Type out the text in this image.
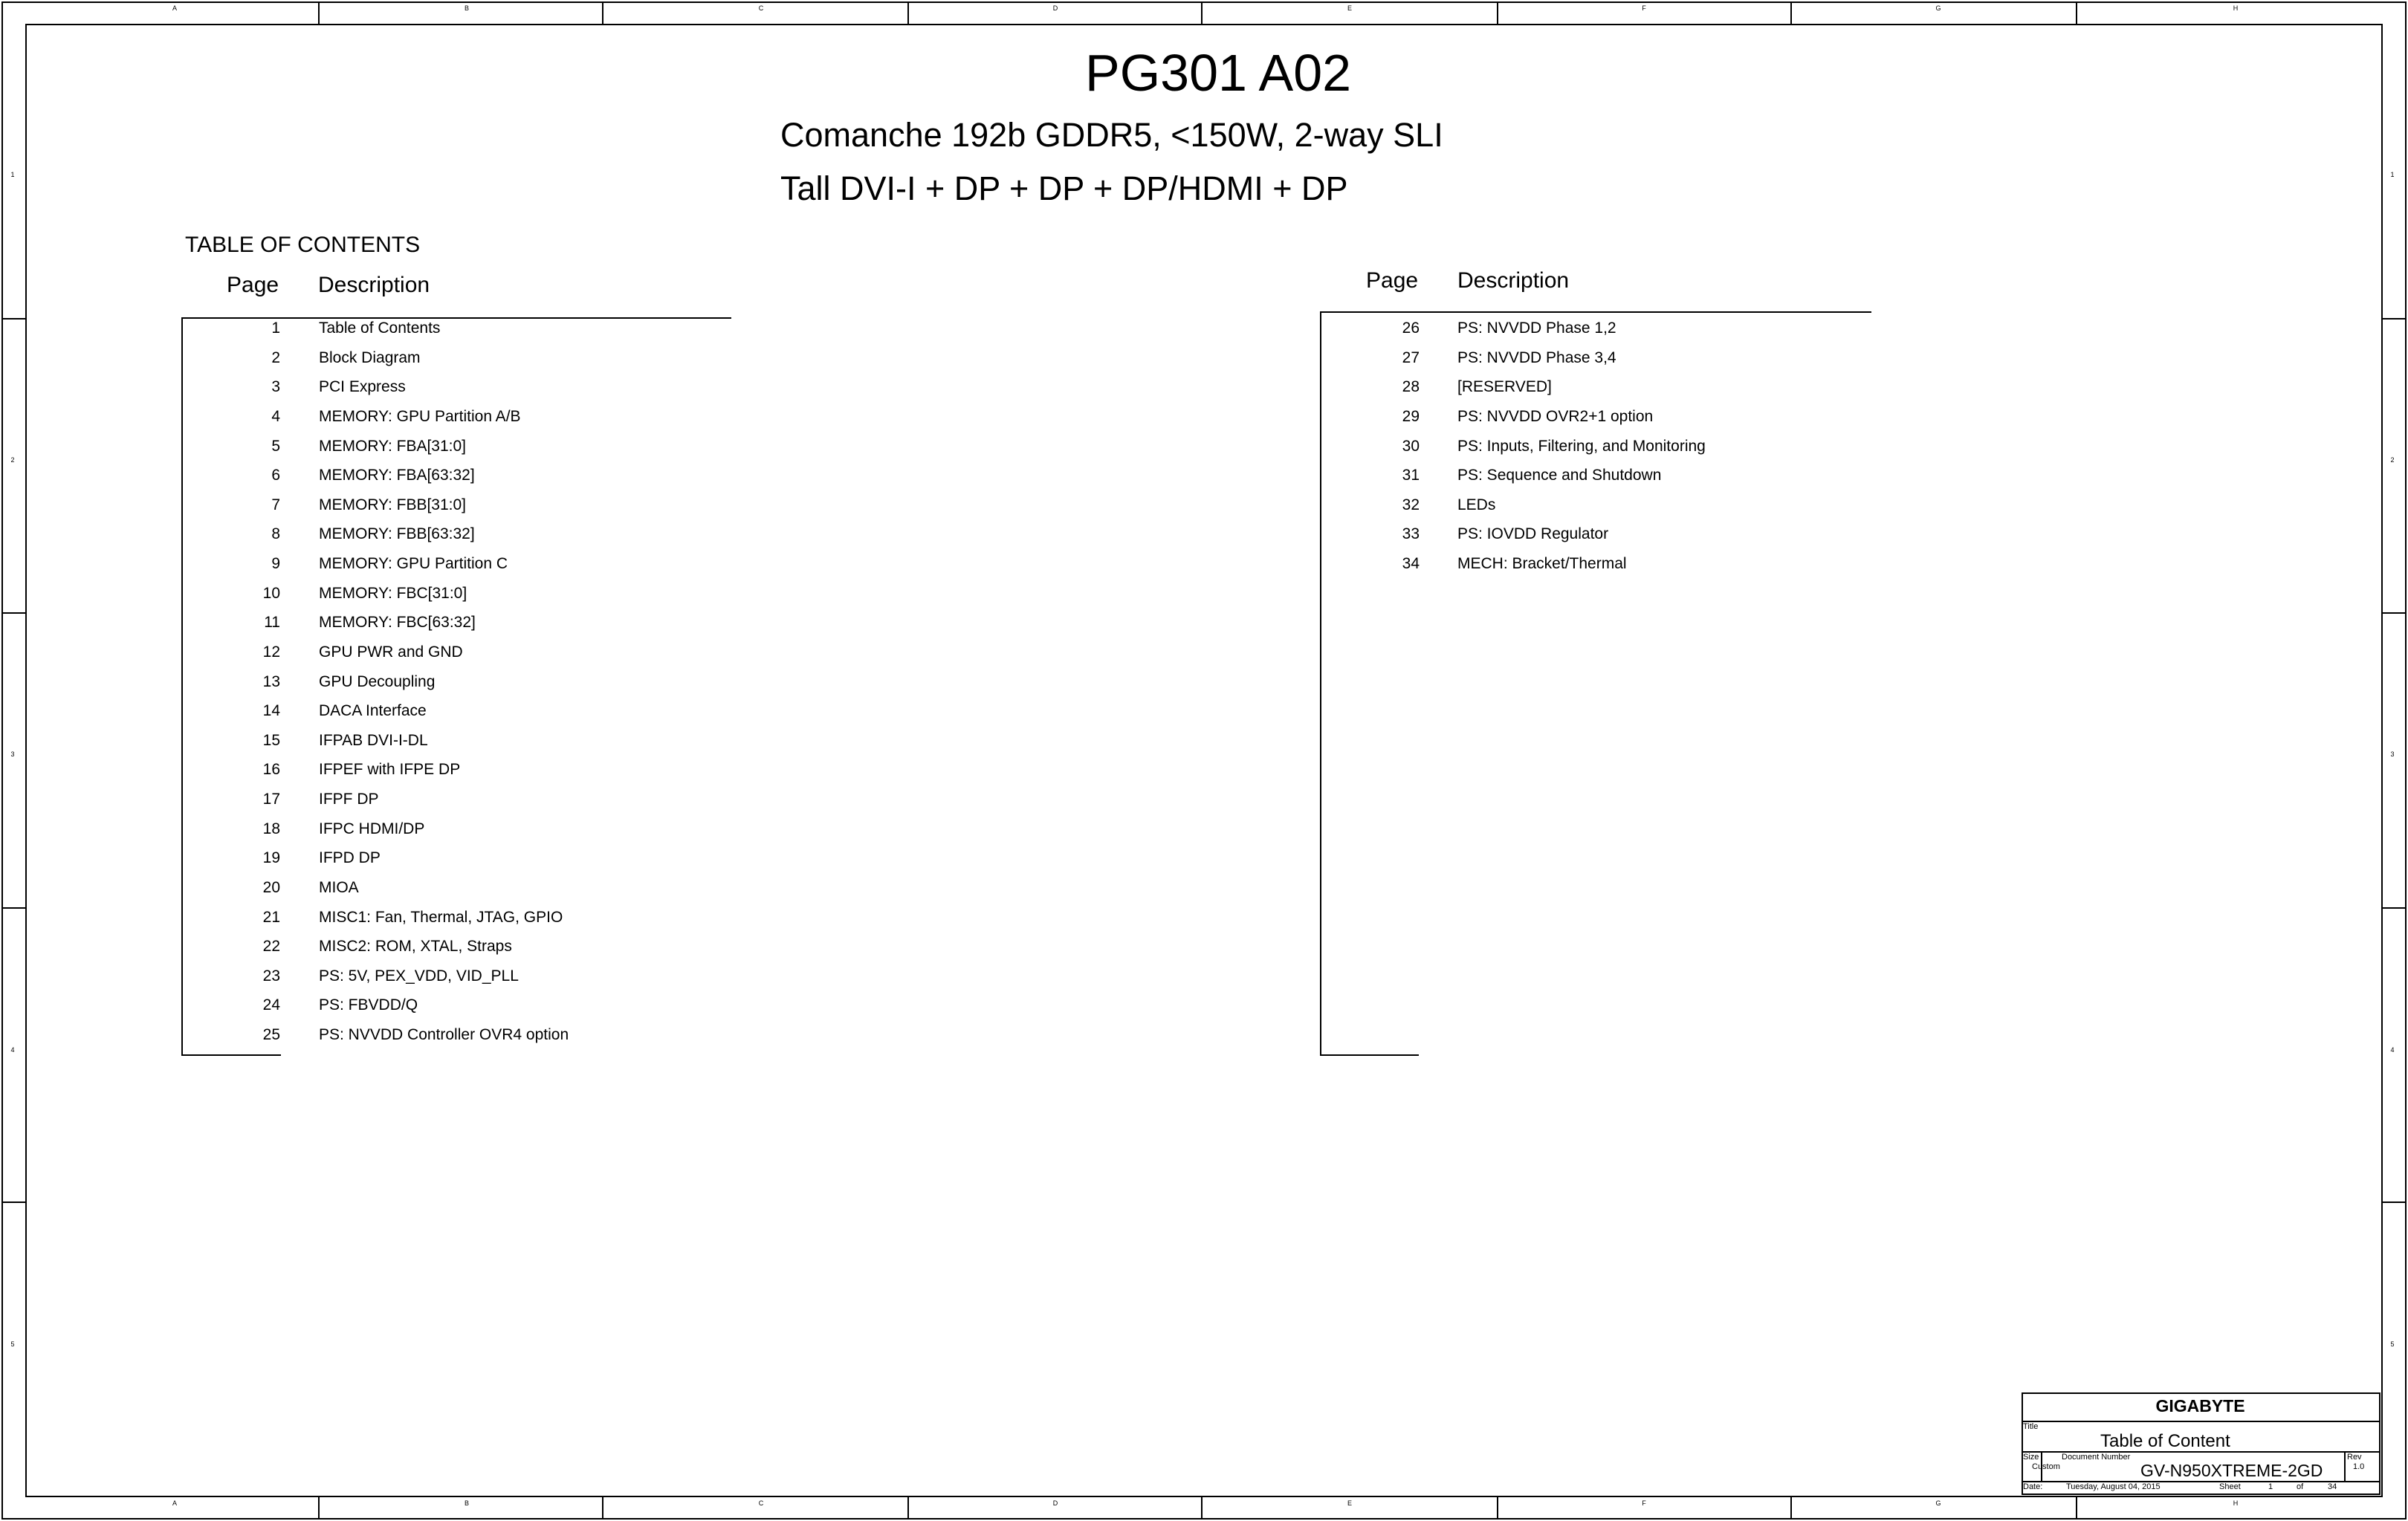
A	B	C	D	E	F	G	H
A	B	C	D	E	F	G	H
1
2
3
4
5
1
2
3
4
5
PG301 A02
Comanche 192b GDDR5, <150W, 2-way SLI
Tall DVI-I + DP + DP + DP/HDMI + DP
TABLE OF CONTENTS
Page Description	Page Description
1 Table of Contents
2 Block Diagram
3 PCI Express
4 MEMORY: GPU Partition A/B
5 MEMORY: FBA[31:0]
6 MEMORY: FBA[63:32]
7 MEMORY: FBB[31:0]
8 MEMORY: FBB[63:32]
9 MEMORY: GPU Partition C
10 MEMORY: FBC[31:0]
11 MEMORY: FBC[63:32]
12 GPU PWR and GND
13 GPU Decoupling
14 DACA Interface
15 IFPAB DVI-I-DL
16 IFPEF with IFPE DP
17 IFPF DP
18 IFPC HDMI/DP
19 IFPD DP
20 MIOA
21 MISC1: Fan, Thermal, JTAG, GPIO
22 MISC2: ROM, XTAL, Straps
23 PS: 5V, PEX_VDD, VID_PLL
24 PS: FBVDD/Q
25 PS: NVVDD Controller OVR4 option
26 PS: NVVDD Phase 1,2
27 PS: NVVDD Phase 3,4
28 [RESERVED]
29 PS: NVVDD OVR2+1 option
30 PS: Inputs, Filtering, and Monitoring
31 PS: Sequence and Shutdown
32 LEDs
33 PS: IOVDD Regulator
34 MECH: Bracket/Thermal
GIGABYTE
Title
Table of Content
Size
Custom
Document Number
GV-N950XTREME-2GD
Rev
1.0
Date:	Tuesday, August 04, 2015	Sheet	1	of	34
